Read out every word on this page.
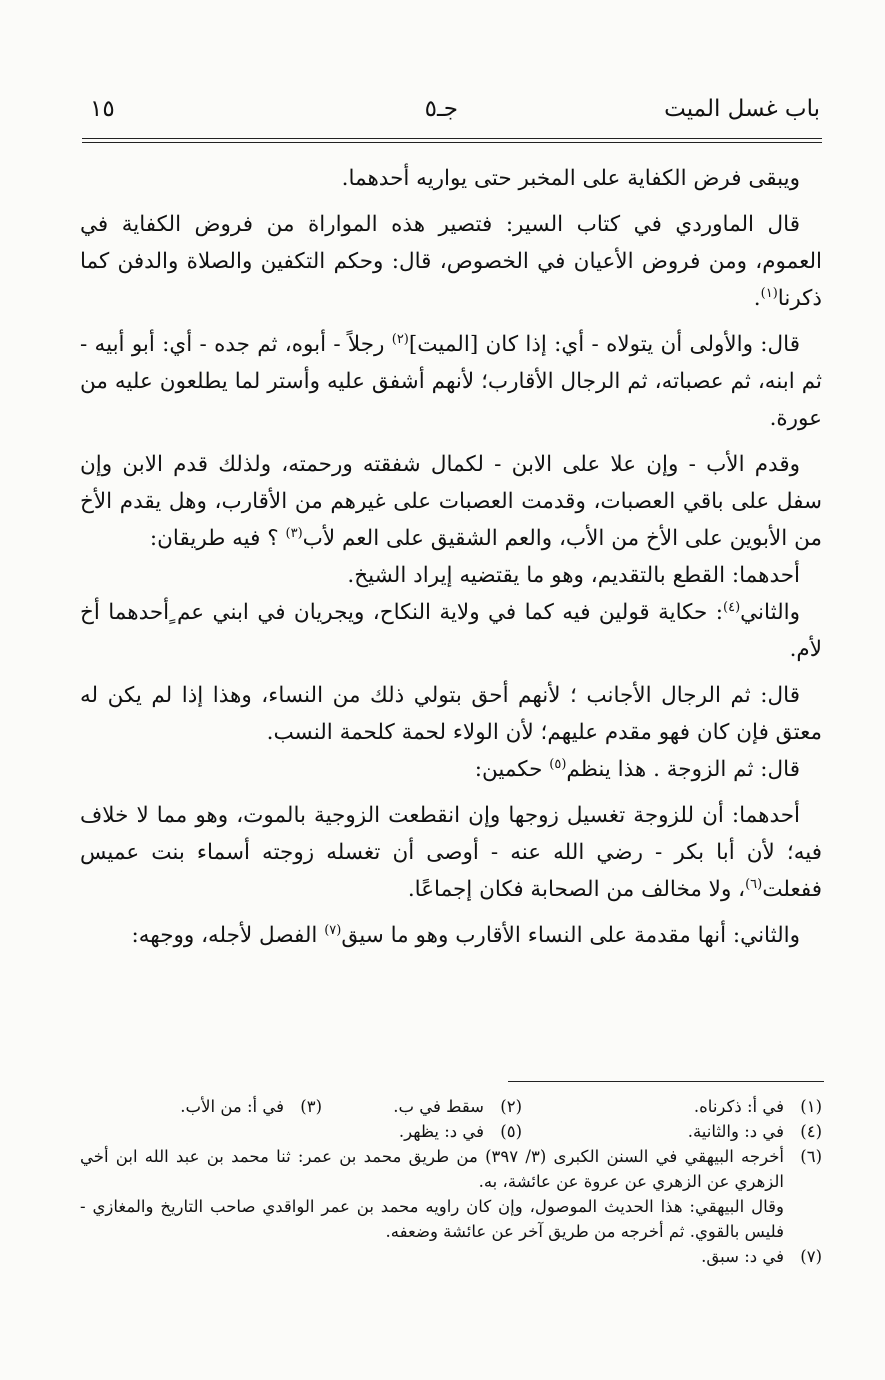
باب غسل الميت
جـ٥
١٥

ويبقى فرض الكفاية على المخبر حتى يواريه أحدهما.

قال الماوردي في كتاب السير: فتصير هذه المواراة من فروض الكفاية في العموم، ومن فروض الأعيان في الخصوص، قال: وحكم التكفين والصلاة والدفن كما ذكرنا$^{(١)}$.

قال: والأولى أن يتولاه - أي: إذا كان [الميت]$^{(٢)}$ رجلاً - أبوه، ثم جده - أي: أبو أبيه - ثم ابنه، ثم عصباته، ثم الرجال الأقارب؛ لأنهم أشفق عليه وأستر لما يطلعون عليه من عورة.

وقدم الأب - وإن علا على الابن - لكمال شفقته ورحمته، ولذلك قدم الابن وإن سفل على باقي العصبات، وقدمت العصبات على غيرهم من الأقارب، وهل يقدم الأخ من الأبوين على الأخ من الأب، والعم الشقيق على العم لأب$^{(٣)}$ ؟ فيه طريقان:

أحدهما: القطع بالتقديم، وهو ما يقتضيه إيراد الشيخ.

والثاني$^{(٤)}$: حكاية قولين فيه كما في ولاية النكاح، ويجريان في ابني عم ٍأحدهما أخ لأم.

قال: ثم الرجال الأجانب ؛ لأنهم أحق بتولي ذلك من النساء، وهذا إذا لم يكن له معتق فإن كان فهو مقدم عليهم؛ لأن الولاء لحمة كلحمة النسب.

قال: ثم الزوجة . هذا ينظم$^{(٥)}$ حكمين:

أحدهما: أن للزوجة تغسيل زوجها وإن انقطعت الزوجية بالموت، وهو مما لا خلاف فيه؛ لأن أبا بكر - رضي الله عنه - أوصى أن تغسله زوجته أسماء بنت عميس ففعلت$^{(٦)}$، ولا مخالف من الصحابة فكان إجماعًا.

والثاني: أنها مقدمة على النساء الأقارب وهو ما سيق$^{(٧)}$ الفصل لأجله، ووجهه:

(١)
في أ: ذكرناه.
(٢)
سقط في ب.
(٣)
في أ: من الأب.
(٤)
في د: والثانية.
(٥)
في د: يظهر.
(٦)
أخرجه البيهقي في السنن الكبرى (٣/ ٣٩٧) من طريق محمد بن عمر: ثنا محمد بن عبد الله ابن أخي الزهري عن الزهري عن عروة عن عائشة، به.
وقال البيهقي: هذا الحديث الموصول، وإن كان راويه محمد بن عمر الواقدي صاحب التاريخ والمغازي - فليس بالقوي. ثم أخرجه من طريق آخر عن عائشة وضعفه.
(٧)
في د: سبق.
